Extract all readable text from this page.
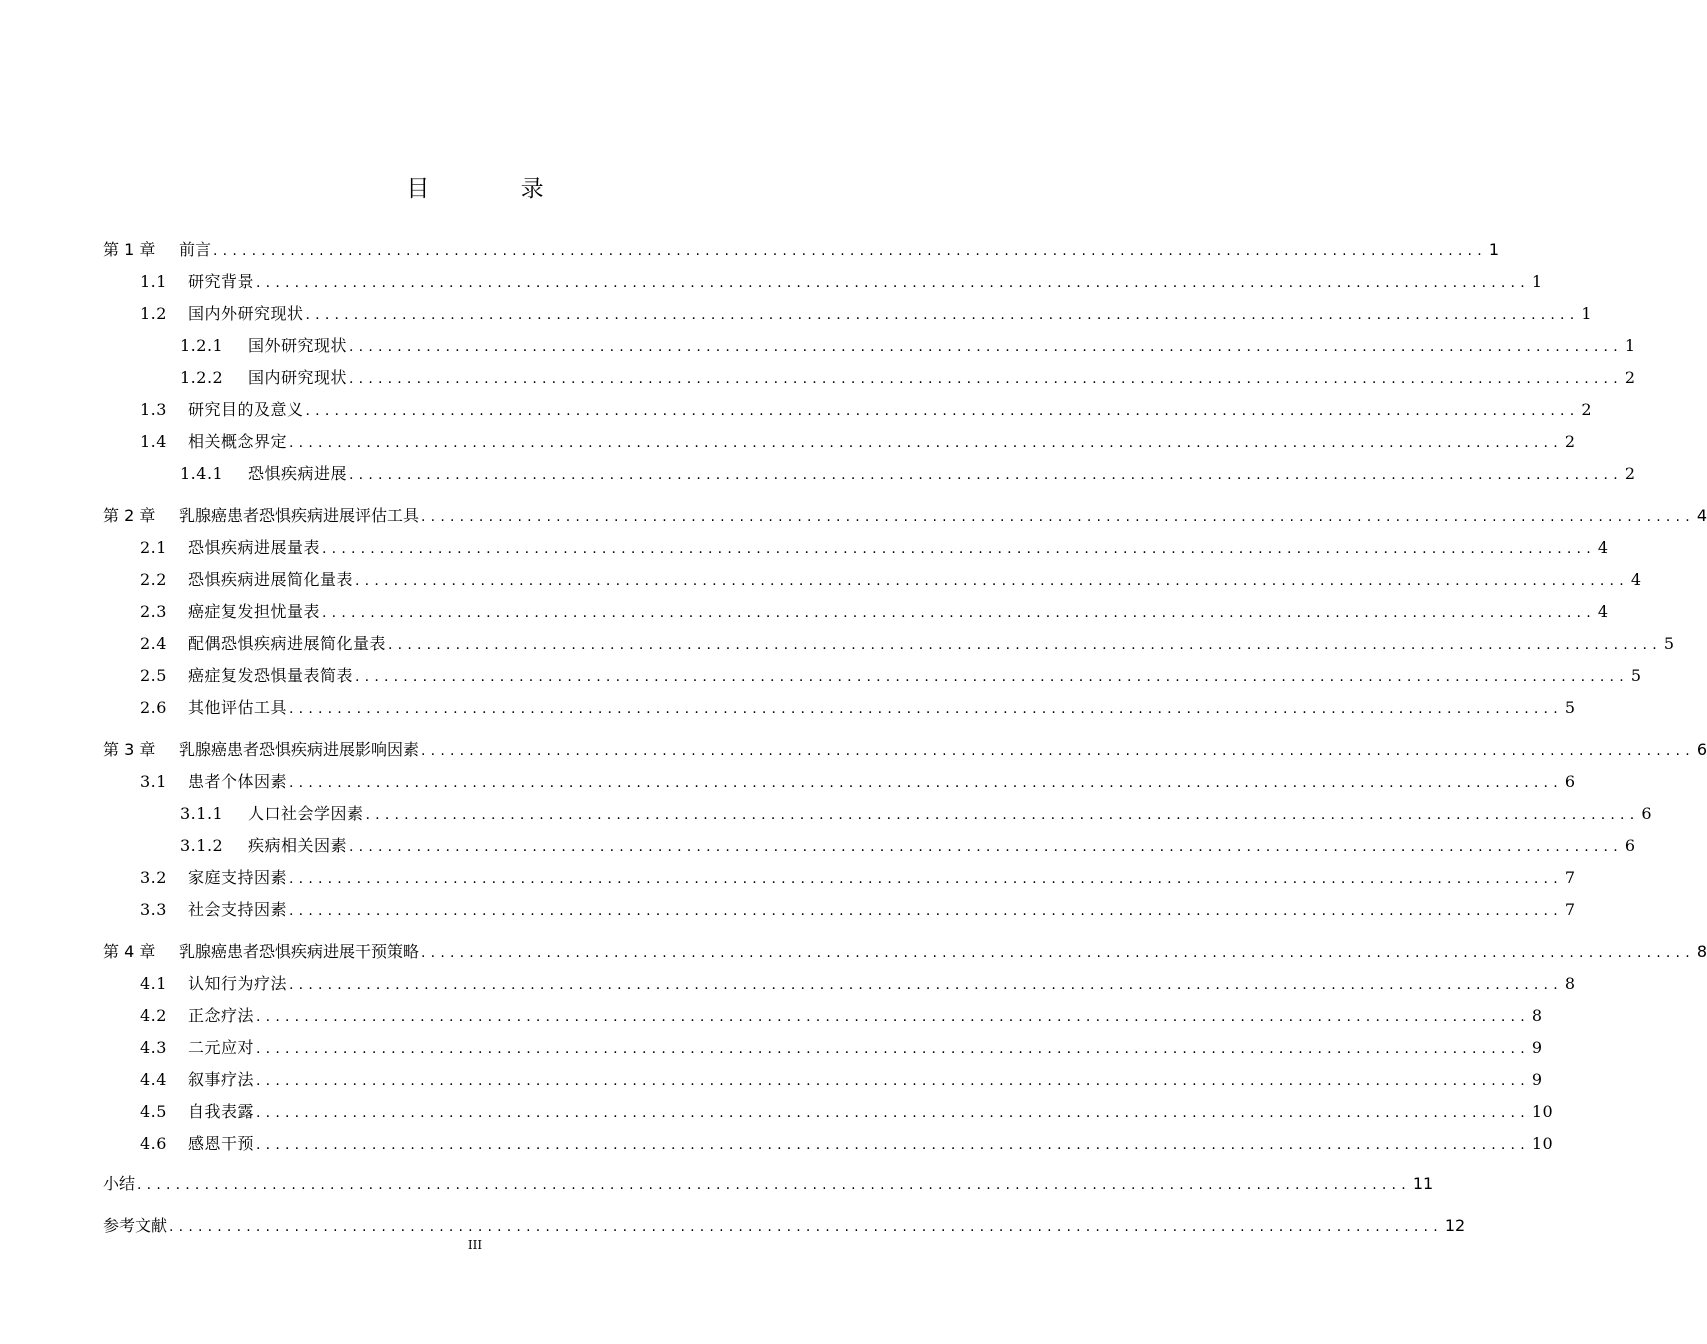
目 录
第 1 章	前言 .................................................................................................................................... 1
1.1	研究背景 .................................................................................................................................... 1
1.2	国内外研究现状 .................................................................................................................................... 1
1.2.1	国外研究现状 .................................................................................................................................... 1
1.2.2	国内研究现状 .................................................................................................................................... 2
1.3	研究目的及意义 .................................................................................................................................... 2
1.4	相关概念界定 .................................................................................................................................... 2
1.4.1	恐惧疾病进展 .................................................................................................................................... 2
第 2 章	乳腺癌患者恐惧疾病进展评估工具 .................................................................................................................................... 4
2.1	恐惧疾病进展量表 .................................................................................................................................... 4
2.2	恐惧疾病进展简化量表 .................................................................................................................................... 4
2.3	癌症复发担忧量表 .................................................................................................................................... 4
2.4	配偶恐惧疾病进展简化量表 .................................................................................................................................... 5
2.5	癌症复发恐惧量表简表 .................................................................................................................................... 5
2.6	其他评估工具 .................................................................................................................................... 5
第 3 章	乳腺癌患者恐惧疾病进展影响因素 .................................................................................................................................... 6
3.1	患者个体因素 .................................................................................................................................... 6
3.1.1	人口社会学因素 .................................................................................................................................... 6
3.1.2	疾病相关因素 .................................................................................................................................... 6
3.2	家庭支持因素 .................................................................................................................................... 7
3.3	社会支持因素 .................................................................................................................................... 7
第 4 章	乳腺癌患者恐惧疾病进展干预策略 .................................................................................................................................... 8
4.1	认知行为疗法 .................................................................................................................................... 8
4.2	正念疗法 .................................................................................................................................... 8
4.3	二元应对 .................................................................................................................................... 9
4.4	叙事疗法 .................................................................................................................................... 9
4.5	自我表露 .................................................................................................................................... 10
4.6	感恩干预 .................................................................................................................................... 10
小结 .................................................................................................................................... 11
参考文献 .................................................................................................................................... 12
III
